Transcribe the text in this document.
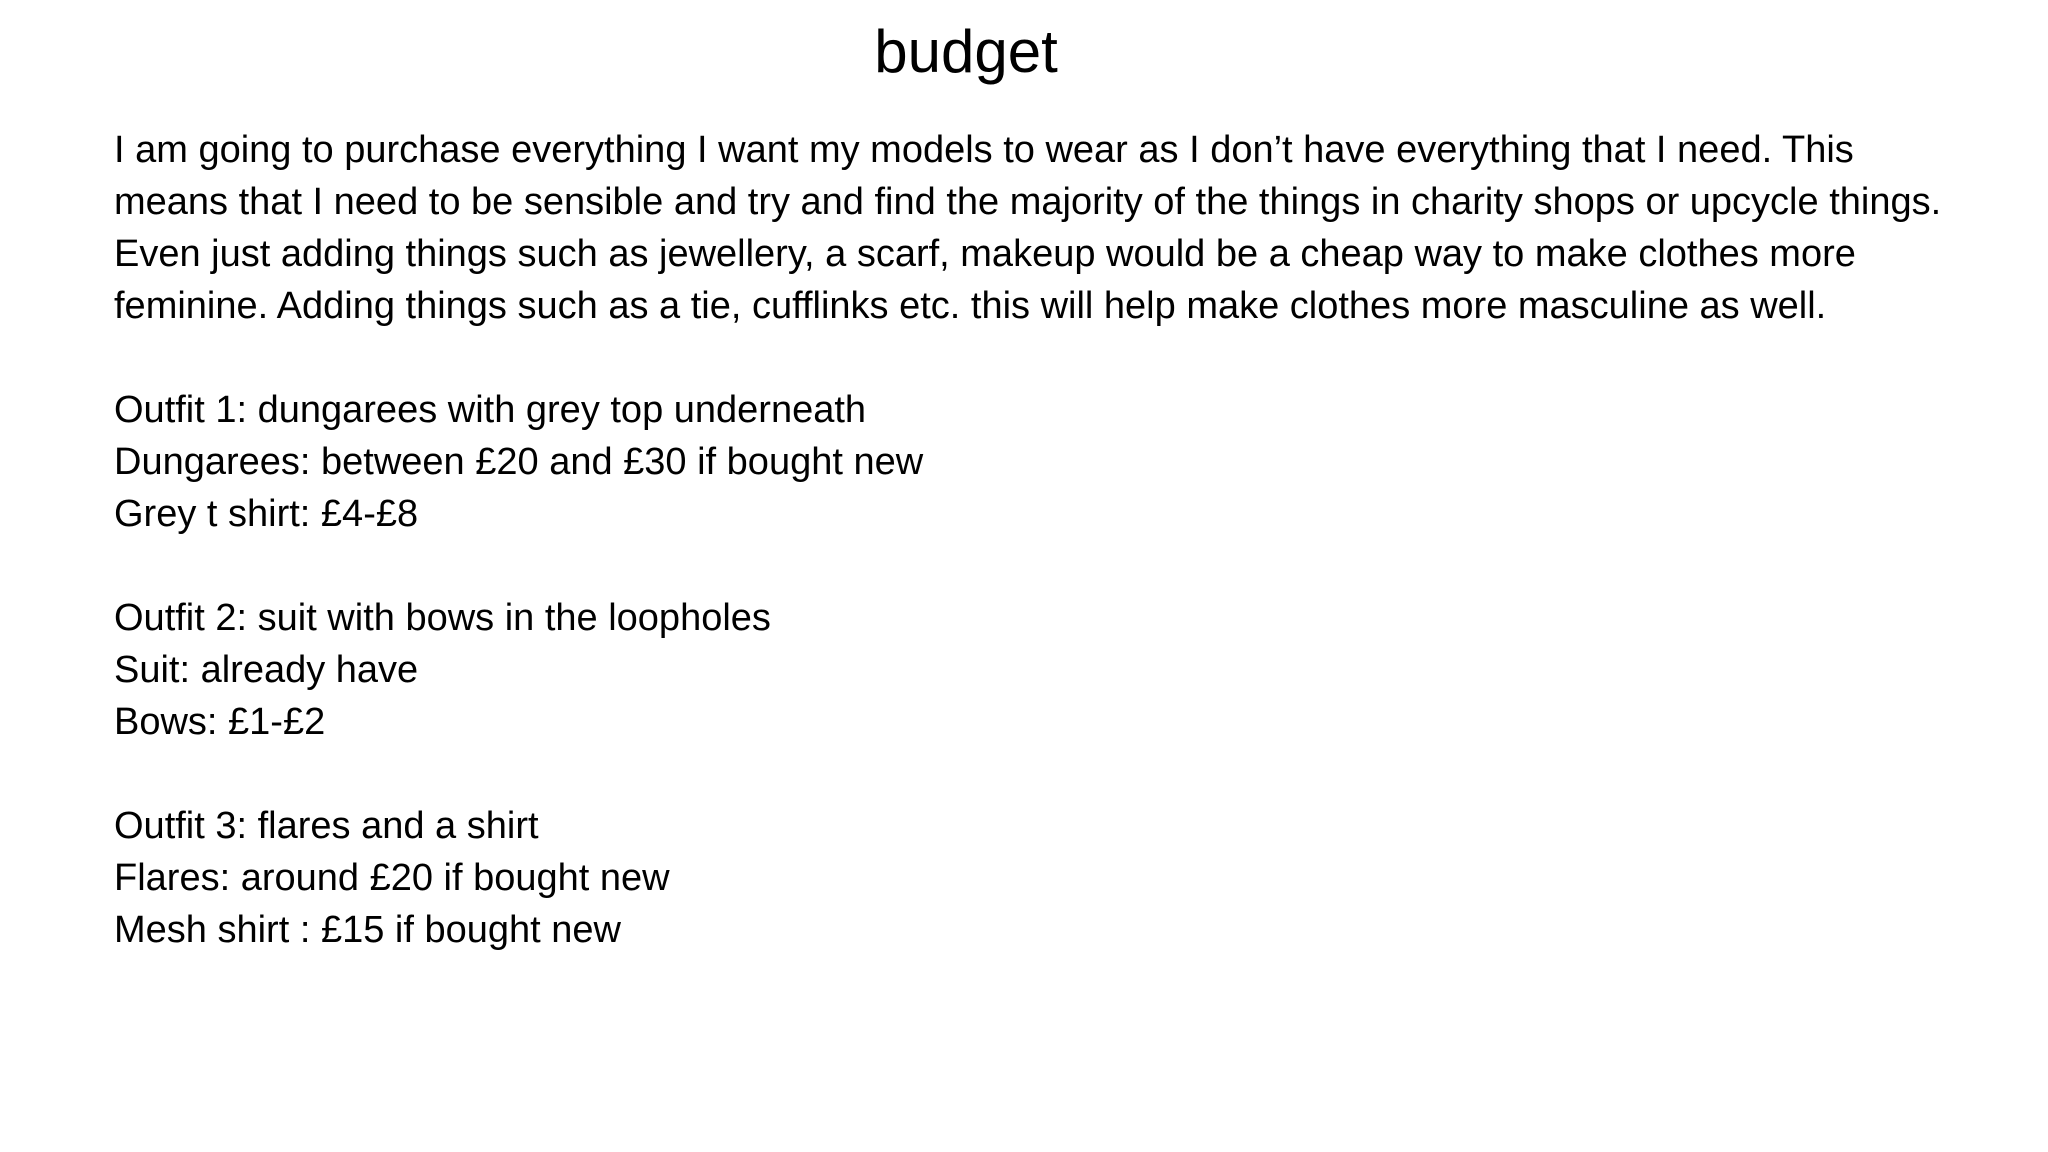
budget

I am going to purchase everything I want my models to wear as I don’t have everything that I need. This means that I need to be sensible and try and find the majority of the things in charity shops or upcycle things. Even just adding things such as jewellery, a scarf, makeup would be a cheap way to make clothes more feminine. Adding things such as a tie, cufflinks etc. this will help make clothes more masculine as well.

Outfit 1: dungarees with grey top underneath

Dungarees: between £20 and £30 if bought new

Grey t shirt: £4-£8

Outfit 2: suit with bows in the loopholes

Suit: already have

Bows: £1-£2

Outfit 3: flares and a shirt

Flares: around £20 if bought new

Mesh shirt : £15 if bought new
